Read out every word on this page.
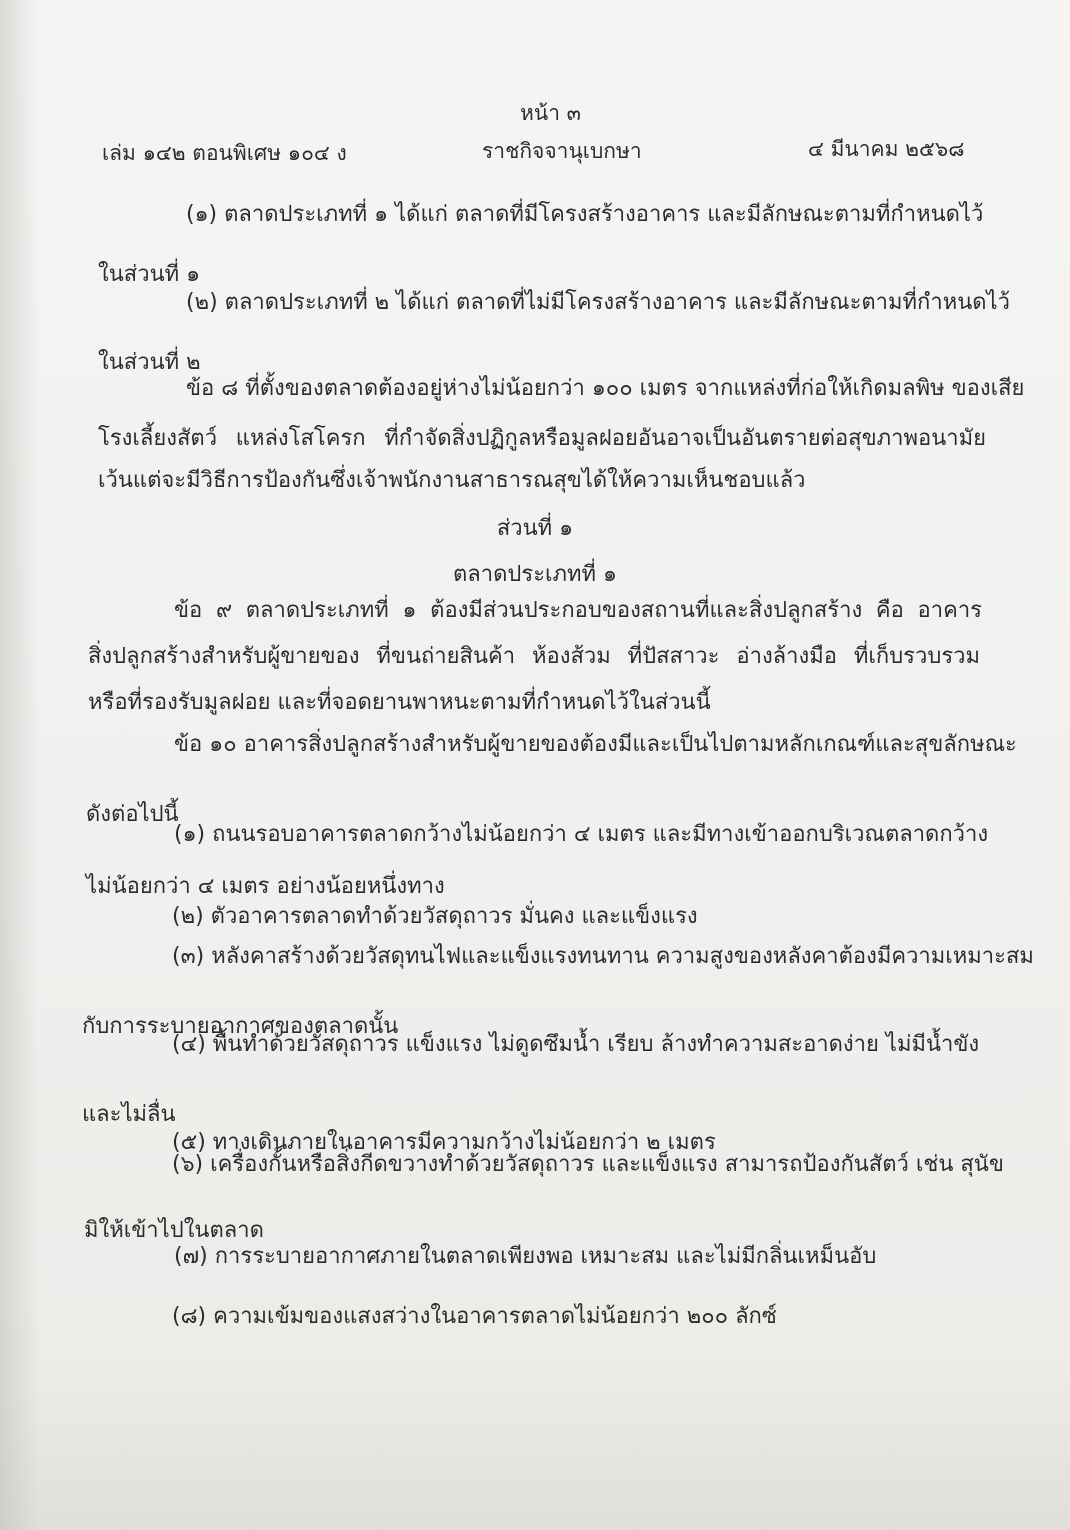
หน้า ๓
เล่ม ๑๔๒ ตอนพิเศษ ๑๐๔ ง	ราชกิจจานุเบกษา	๔ มีนาคม ๒๕๖๘
(๑) ตลาดประเภทที่ ๑ ได้แก่ ตลาดที่มีโครงสร้างอาคาร และมีลักษณะตามที่กำหนดไว้
ในส่วนที่ ๑
(๒) ตลาดประเภทที่ ๒ ได้แก่ ตลาดที่ไม่มีโครงสร้างอาคาร และมีลักษณะตามที่กำหนดไว้
ในส่วนที่ ๒
ข้อ ๘ ที่ตั้งของตลาดต้องอยู่ห่างไม่น้อยกว่า ๑๐๐ เมตร จากแหล่งที่ก่อให้เกิดมลพิษ ของเสีย
โรงเลี้ยงสัตว์ แหล่งโสโครก ที่กำจัดสิ่งปฏิกูลหรือมูลฝอยอันอาจเป็นอันตรายต่อสุขภาพอนามัย
เว้นแต่จะมีวิธีการป้องกันซึ่งเจ้าพนักงานสาธารณสุขได้ให้ความเห็นชอบแล้ว
ส่วนที่ ๑
ตลาดประเภทที่ ๑
ข้อ ๙ ตลาดประเภทที่ ๑ ต้องมีส่วนประกอบของสถานที่และสิ่งปลูกสร้าง คือ อาคาร
สิ่งปลูกสร้างสำหรับผู้ขายของ ที่ขนถ่ายสินค้า ห้องส้วม ที่ปัสสาวะ อ่างล้างมือ ที่เก็บรวบรวม
หรือที่รองรับมูลฝอย และที่จอดยานพาหนะตามที่กำหนดไว้ในส่วนนี้
ข้อ ๑๐ อาคารสิ่งปลูกสร้างสำหรับผู้ขายของต้องมีและเป็นไปตามหลักเกณฑ์และสุขลักษณะ
ดังต่อไปนี้
(๑) ถนนรอบอาคารตลาดกว้างไม่น้อยกว่า ๔ เมตร และมีทางเข้าออกบริเวณตลาดกว้าง
ไม่น้อยกว่า ๔ เมตร อย่างน้อยหนึ่งทาง
(๒) ตัวอาคารตลาดทำด้วยวัสดุถาวร มั่นคง และแข็งแรง
(๓) หลังคาสร้างด้วยวัสดุทนไฟและแข็งแรงทนทาน ความสูงของหลังคาต้องมีความเหมาะสม
กับการระบายอากาศของตลาดนั้น
(๔) พื้นทำด้วยวัสดุถาวร แข็งแรง ไม่ดูดซึมน้ำ เรียบ ล้างทำความสะอาดง่าย ไม่มีน้ำขัง
และไม่ลื่น
(๕) ทางเดินภายในอาคารมีความกว้างไม่น้อยกว่า ๒ เมตร
(๖) เครื่องกั้นหรือสิ่งกีดขวางทำด้วยวัสดุถาวร และแข็งแรง สามารถป้องกันสัตว์ เช่น สุนัข
มิให้เข้าไปในตลาด
(๗) การระบายอากาศภายในตลาดเพียงพอ เหมาะสม และไม่มีกลิ่นเหม็นอับ
(๘) ความเข้มของแสงสว่างในอาคารตลาดไม่น้อยกว่า ๒๐๐ ลักซ์
